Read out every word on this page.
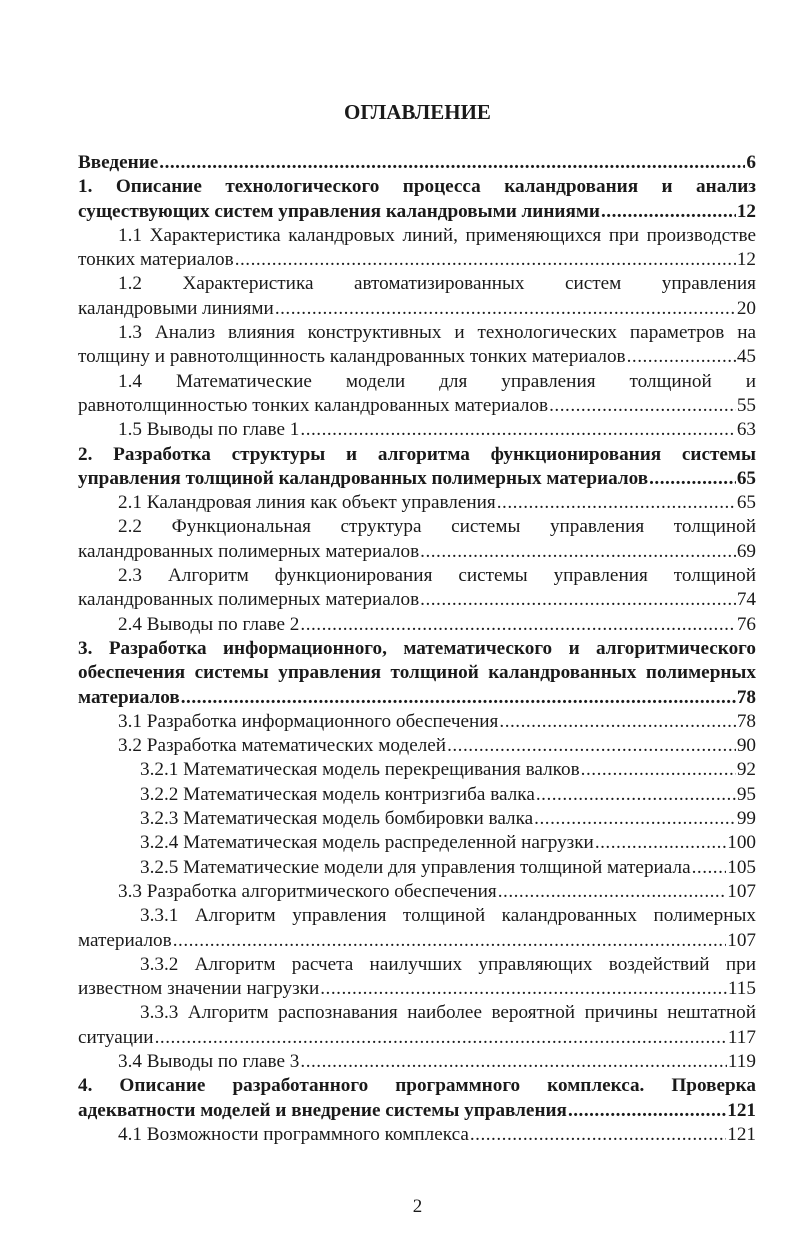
ОГЛАВЛЕНИЕ
Введение .....	6
1. Описание технологического процесса каландрования и анализ
существующих систем управления каландровыми линиями .....	12
1.1 Характеристика каландровых линий, применяющихся при производстве
тонких материалов .....	12
1.2 Характеристика автоматизированных систем управления
каландровыми линиями .....	20
1.3 Анализ влияния конструктивных и технологических параметров на
толщину и равнотолщинность каландрованных тонких материалов .....	45
1.4 Математические модели для управления толщиной и
равнотолщинностью тонких каландрованных материалов .....	55
1.5 Выводы по главе 1 .....	63
2. Разработка структуры и алгоритма функционирования системы
управления толщиной каландрованных полимерных материалов .....	65
2.1 Каландровая линия как объект управления .....	65
2.2 Функциональная структура системы управления толщиной
каландрованных полимерных материалов .....	69
2.3 Алгоритм функционирования системы управления толщиной
каландрованных полимерных материалов .....	74
2.4 Выводы по главе 2 .....	76
3. Разработка информационного, математического и алгоритмического
обеспечения системы управления толщиной каландрованных полимерных
материалов .....	78
3.1 Разработка информационного обеспечения .....	78
3.2 Разработка математических моделей .....	90
3.2.1 Математическая модель перекрещивания валков .....	92
3.2.2 Математическая модель контризгиба валка .....	95
3.2.3 Математическая модель бомбировки валка .....	99
3.2.4 Математическая модель распределенной нагрузки .....	100
3.2.5 Математические модели для управления толщиной материала ..... 105
3.3 Разработка алгоритмического обеспечения .....	107
3.3.1 Алгоритм управления толщиной каландрованных полимерных
материалов .....	107
3.3.2 Алгоритм расчета наилучших управляющих воздействий при
известном значении нагрузки .....	115
3.3.3 Алгоритм распознавания наиболее вероятной причины нештатной
ситуации .....	117
3.4 Выводы по главе 3 .....	119
4. Описание разработанного программного комплекса. Проверка
адекватности моделей и внедрение системы управления .....	121
4.1 Возможности программного комплекса .....	121
2
